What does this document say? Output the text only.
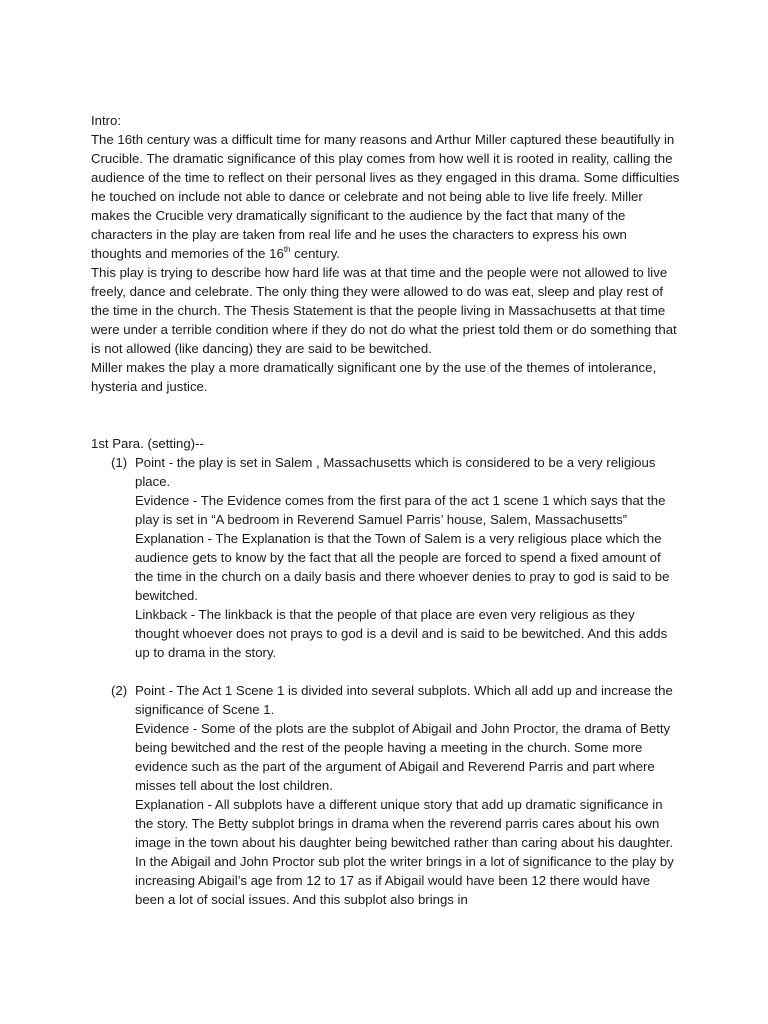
Intro:

The 16th century was a difficult time for many reasons and Arthur Miller captured these beautifully in Crucible. The dramatic significance of this play comes from how well it is rooted in reality, calling the audience of the time to reflect on their personal lives as they engaged in this drama. Some difficulties he touched on include not able to dance or celebrate and not being able to live life freely. Miller makes the Crucible very dramatically significant to the audience by the fact that many of the characters in the play are taken from real life and he uses the characters to express his own thoughts and memories of the 16th century.

This play is trying to describe how hard life was at that time and the people were not allowed to live freely, dance and celebrate. The only thing they were allowed to do was eat, sleep and play rest of the time in the church. The Thesis Statement is that the people living in Massachusetts at that time were under a terrible condition where if they do not do what the priest told them or do something that is not allowed (like dancing) they are said to be bewitched.

Miller makes the play a more dramatically significant one by the use of the themes of intolerance, hysteria and justice.

1st Para. (setting)--

(1) Point - the play is set in Salem , Massachusetts which is considered to be a very religious place.

Evidence - The Evidence comes from the first para of the act 1 scene 1 which says that the play is set in “A bedroom in Reverend Samuel Parris’ house, Salem, Massachusetts”

Explanation - The Explanation is that the Town of Salem is a very religious place which the audience gets to know by the fact that all the people are forced to spend a fixed amount of the time in the church on a daily basis and there whoever denies to pray to god is said to be bewitched.

Linkback - The linkback is that the people of that place are even very religious as they thought whoever does not prays to god is a devil and is said to be bewitched. And this adds up to drama in the story.

(2) Point - The Act 1 Scene 1 is divided into several subplots. Which all add up and increase the significance of Scene 1.

Evidence - Some of the plots are the subplot of Abigail and John Proctor, the drama of Betty being bewitched and the rest of the people having a meeting in the church. Some more evidence such as the part of the argument of Abigail and Reverend Parris and part where misses tell about the lost children.

Explanation - All subplots have a different unique story that add up dramatic significance in the story. The Betty subplot brings in drama when the reverend parris cares about his own image in the town about his daughter being bewitched rather than caring about his daughter. In the Abigail and John Proctor sub plot the writer brings in a lot of significance to the play by increasing Abigail’s age from 12 to 17 as if Abigail would have been 12 there would have been a lot of social issues. And this subplot also brings in
